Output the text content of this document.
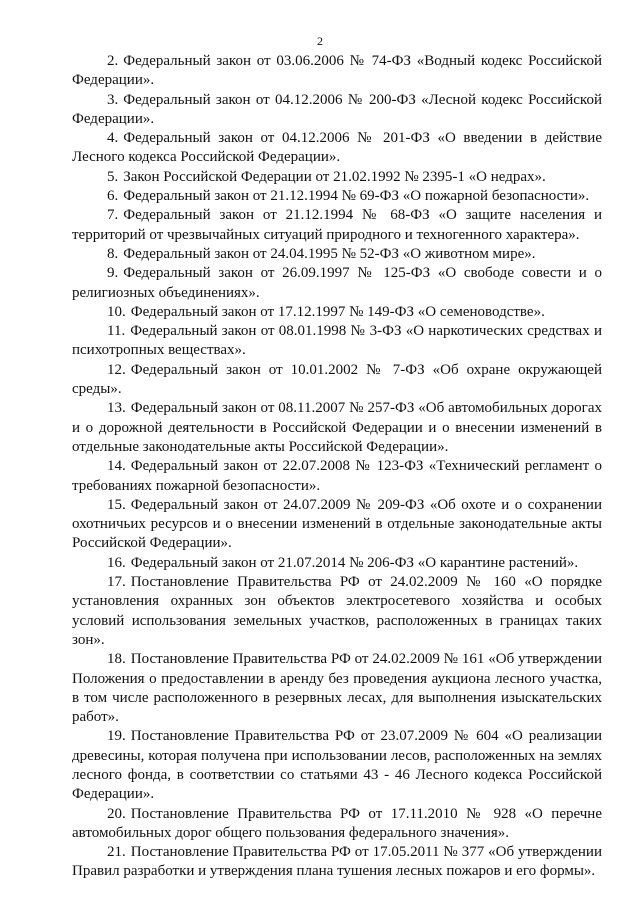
2

2. Федеральный закон от 03.06.2006 № 74-ФЗ «Водный кодекс Российской Федерации».

3. Федеральный закон от 04.12.2006 № 200-ФЗ «Лесной кодекс Российской Федерации».

4. Федеральный закон от 04.12.2006 № 201-ФЗ «О введении в действие Лесного кодекса Российской Федерации».

5. Закон Российской Федерации от 21.02.1992 № 2395-1 «О недрах».

6. Федеральный закон от 21.12.1994 № 69-ФЗ «О пожарной безопасности».

7. Федеральный закон от 21.12.1994 № 68-ФЗ «О защите населения и территорий от чрезвычайных ситуаций природного и техногенного характера».

8. Федеральный закон от 24.04.1995 № 52-ФЗ «О животном мире».

9. Федеральный закон от 26.09.1997 № 125-ФЗ «О свободе совести и о религиозных объединениях».

10. Федеральный закон от 17.12.1997 № 149-ФЗ «О семеноводстве».

11. Федеральный закон от 08.01.1998 № 3-ФЗ «О наркотических средствах и психотропных веществах».

12. Федеральный закон от 10.01.2002 № 7-ФЗ «Об охране окружающей среды».

13. Федеральный закон от 08.11.2007 № 257-ФЗ «Об автомобильных дорогах и о дорожной деятельности в Российской Федерации и о внесении изменений в отдельные законодательные акты Российской Федерации».

14. Федеральный закон от 22.07.2008 № 123-ФЗ «Технический регламент о требованиях пожарной безопасности».

15. Федеральный закон от 24.07.2009 № 209-ФЗ «Об охоте и о сохранении охотничьих ресурсов и о внесении изменений в отдельные законодательные акты Российской Федерации».

16. Федеральный закон от 21.07.2014 № 206-ФЗ «О карантине растений».

17. Постановление Правительства РФ от 24.02.2009 № 160 «О порядке установления охранных зон объектов электросетевого хозяйства и особых условий использования земельных участков, расположенных в границах таких зон».

18. Постановление Правительства РФ от 24.02.2009 № 161 «Об утверждении Положения о предоставлении в аренду без проведения аукциона лесного участка, в том числе расположенного в резервных лесах, для выполнения изыскательских работ».

19. Постановление Правительства РФ от 23.07.2009 № 604 «О реализации древесины, которая получена при использовании лесов, расположенных на землях лесного фонда, в соответствии со статьями 43 - 46 Лесного кодекса Российской Федерации».

20. Постановление Правительства РФ от 17.11.2010 № 928 «О перечне автомобильных дорог общего пользования федерального значения».

21. Постановление Правительства РФ от 17.05.2011 № 377 «Об утверждении Правил разработки и утверждения плана тушения лесных пожаров и его формы».
